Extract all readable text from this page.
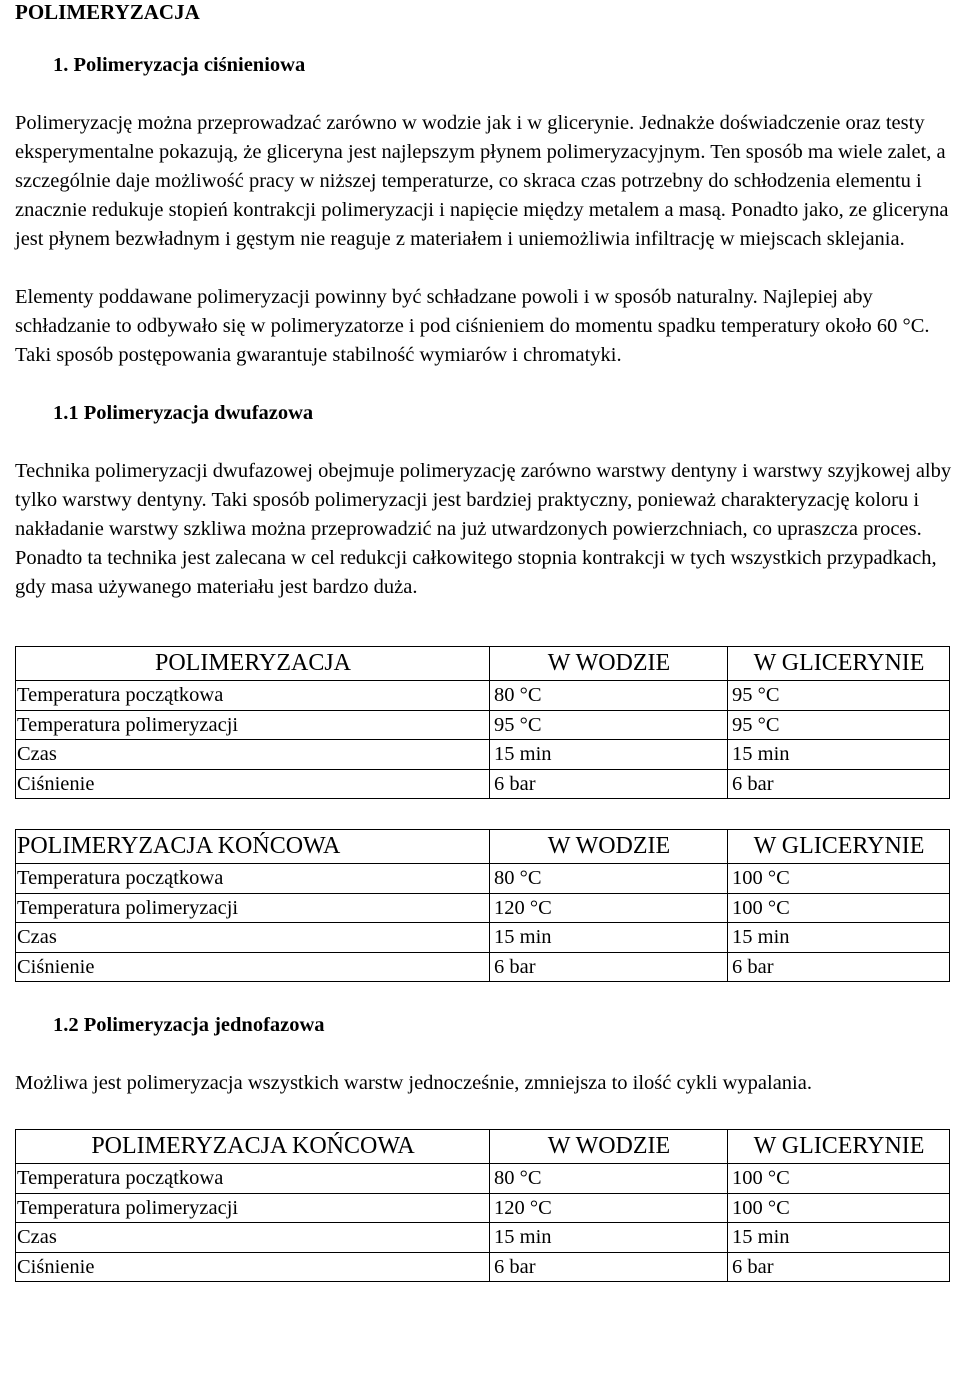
POLIMERYZACJA
1. Polimeryzacja ciśnieniowa

Polimeryzację można przeprowadzać zarówno w wodzie jak i w glicerynie. Jednakże doświadczenie oraz testy eksperymentalne pokazują, że gliceryna jest najlepszym płynem polimeryzacyjnym. Ten sposób ma wiele zalet, a szczególnie daje możliwość pracy w niższej temperaturze, co skraca czas potrzebny do schłodzenia elementu i znacznie redukuje stopień kontrakcji polimeryzacji i napięcie między metalem a masą. Ponadto jako, ze gliceryna jest płynem bezwładnym i gęstym nie reaguje z materiałem i uniemożliwia infiltrację w miejscach sklejania.

Elementy poddawane polimeryzacji powinny być schładzane powoli i w sposób naturalny. Najlepiej aby schładzanie to odbywało się w polimeryzatorze i pod ciśnieniem do momentu spadku temperatury około 60 °C. Taki sposób postępowania gwarantuje stabilność wymiarów i chromatyki.

1.1 Polimeryzacja dwufazowa

Technika polimeryzacji dwufazowej obejmuje polimeryzację zarówno warstwy dentyny i warstwy szyjkowej alby tylko warstwy dentyny. Taki sposób polimeryzacji jest bardziej praktyczny, ponieważ charakteryzację koloru i nakładanie warstwy szkliwa można przeprowadzić na już utwardzonych powierzchniach, co upraszcza proces. Ponadto ta technika jest zalecana w cel redukcji całkowitego stopnia kontrakcji w tych wszystkich przypadkach, gdy masa używanego materiału jest bardzo duża.

POLIMERYZACJA	W WODZIE	W GLICERYNIE
Temperatura początkowa	80 °C	95 °C
Temperatura polimeryzacji	95 °C	95 °C
Czas	15 min	15 min
Ciśnienie	6 bar	6 bar
POLIMERYZACJA KOŃCOWA	W WODZIE	W GLICERYNIE
Temperatura początkowa	80 °C	100 °C
Temperatura polimeryzacji	120 °C	100 °C
Czas	15 min	15 min
Ciśnienie	6 bar	6 bar
1.2 Polimeryzacja jednofazowa

Możliwa jest polimeryzacja wszystkich warstw jednocześnie, zmniejsza to ilość cykli wypalania.

POLIMERYZACJA KOŃCOWA	W WODZIE	W GLICERYNIE
Temperatura początkowa	80 °C	100 °C
Temperatura polimeryzacji	120 °C	100 °C
Czas	15 min	15 min
Ciśnienie	6 bar	6 bar
